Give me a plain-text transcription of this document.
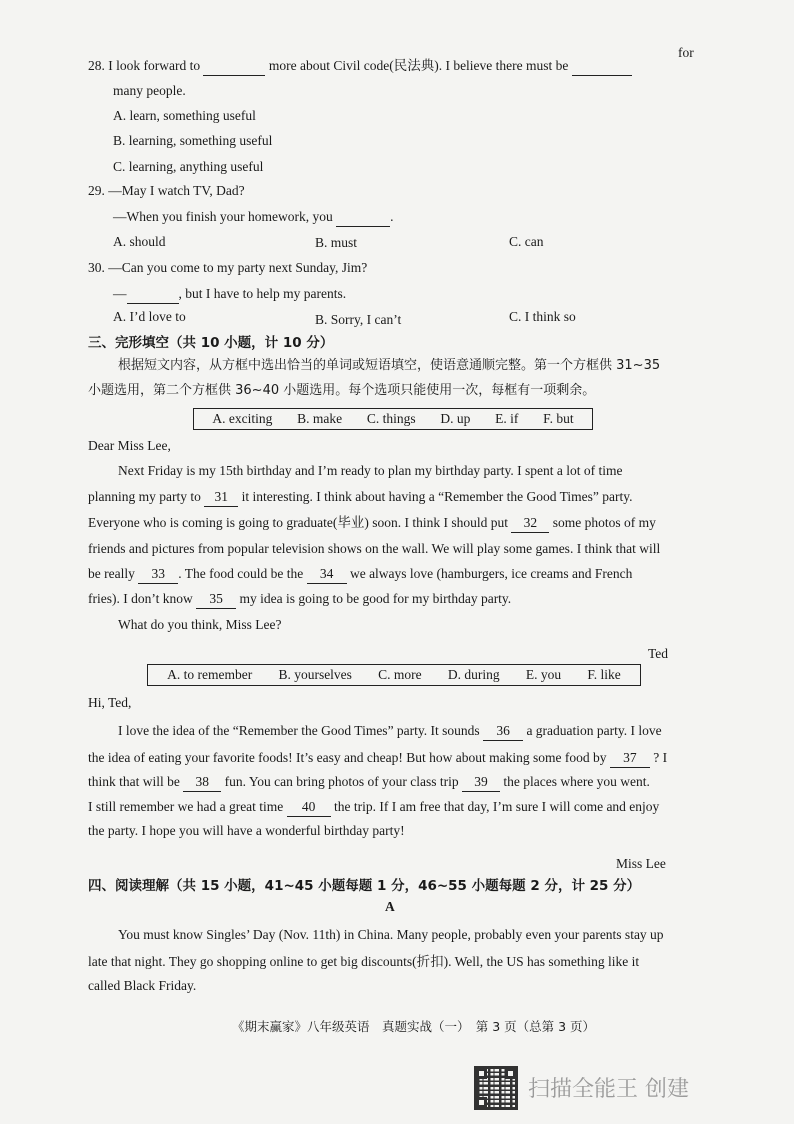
28. I look forward to	more about Civil code(民法典). I believe there must be
for
many people.
A. learn, something useful
B. learning, something useful
C. learning, anything useful
29. —May I watch TV, Dad?
—When you finish your homework, you	.
A. should	B. must	C. can
30. —Can you come to my party next Sunday, Jim?
—	, but I have to help my parents.
A. I’d love to	B. Sorry, I can’t	C. I think so
三、完形填空（共 10 小题，计 10 分）
根据短文内容，从方框中选出恰当的单词或短语填空，使语意通顺完整。第一个方框供 31~35
小题选用，第二个方框供 36~40 小题选用。每个选项只能使用一次，每框有一项剩余。
A. exciting B. make C. things D. up E. if F. but
Dear Miss Lee,
Next Friday is my 15th birthday and I’m ready to plan my birthday party. I spent a lot of time
planning my party to 31 it interesting. I think about having a “Remember the Good Times” party.
Everyone who is coming is going to graduate(毕业) soon. I think I should put 32 some photos of my
friends and pictures from popular television shows on the wall. We will play some games. I think that will
be really 33 . The food could be the 34 we always love (hamburgers, ice creams and French
fries). I don’t know 35 my idea is going to be good for my birthday party.
What do you think, Miss Lee?
Ted
A. to remember B. yourselves C. more D. during E. you F. like
Hi, Ted,
I love the idea of the “Remember the Good Times” party. It sounds 36 a graduation party. I love
the idea of eating your favorite foods! It’s easy and cheap! But how about making some food by 37 ? I
think that will be 38 fun. You can bring photos of your class trip 39 the places where you went.
I still remember we had a great time 40 the trip. If I am free that day, I’m sure I will come and enjoy
the party. I hope you will have a wonderful birthday party!
Miss Lee
四、阅读理解（共 15 小题，41~45 小题每题 1 分，46~55 小题每题 2 分，计 25 分）
A
You must know Singles’ Day (Nov. 11th) in China. Many people, probably even your parents stay up
late that night. They go shopping online to get big discounts(折扣). Well, the US has something like it
called Black Friday.
《期末赢家》八年级英语　真题实战（一）　第 3 页（总第 3 页）
扫描全能王 创建
